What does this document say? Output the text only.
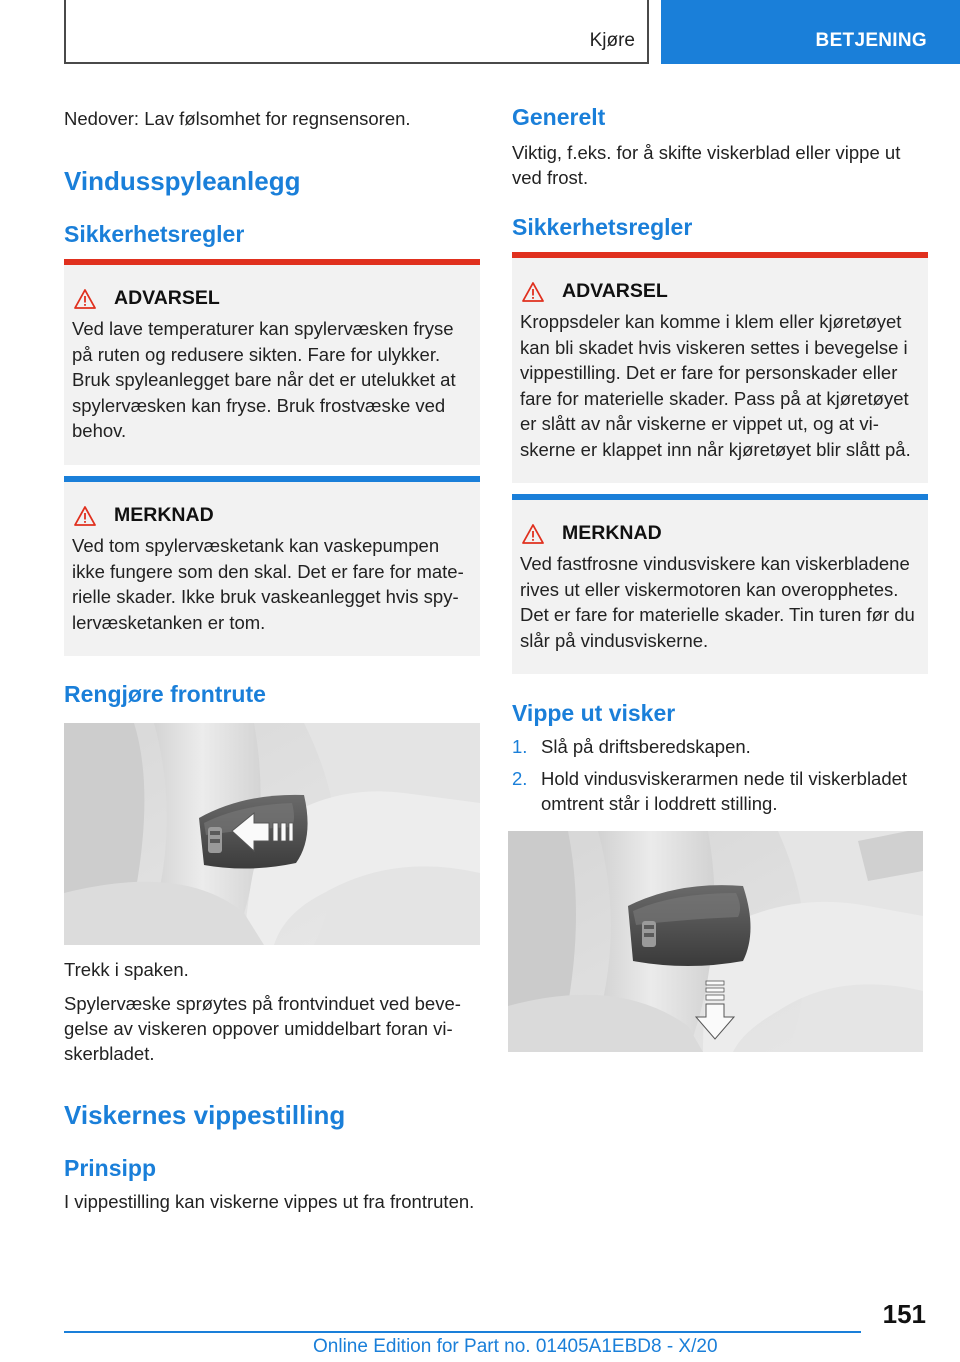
Kjøre	BETJENING

Nedover: Lav følsomhet for regnsensoren.

Vindusspyleanlegg
Sikkerhetsregler
ADVARSEL
Ved lave temperaturer kan spylervæsken fryse på ruten og redusere sikten. Fare for ulykker. Bruk spyleanlegget bare når det er utelukket at spylervæsken kan fryse. Bruk frostvæske ved behov.
MERKNAD
Ved tom spylervæsketank kan vaskepumpen ikke fungere som den skal. Det er fare for materielle skader. Ikke bruk vaskeanlegget hvis spylervæsketanken er tom.
Rengjøre frontrute

Trekk i spaken.

Spylervæske sprøytes på frontvinduet ved bevegelse av viskeren oppover umiddelbart foran viskerbladet.

Viskernes vippestilling
Prinsipp

I vippestilling kan viskerne vippes ut fra frontruten.

Generelt

Viktig, f.eks. for å skifte viskerblad eller vippe ut ved frost.

Sikkerhetsregler
ADVARSEL
Kroppsdeler kan komme i klem eller kjøretøyet kan bli skadet hvis viskeren settes i bevegelse i vippestilling. Det er fare for personskader eller fare for materielle skader. Pass på at kjøretøyet er slått av når viskerne er vippet ut, og at viskerne er klappet inn når kjøretøyet blir slått på.
MERKNAD
Ved fastfrosne vindusviskere kan viskerbladene rives ut eller viskermotoren kan overopphetes. Det er fare for materielle skader. Tin turen før du slår på vindusviskerne.
Vippe ut visker
1. Slå på driftsberedskapen.
2. Hold vindusviskerarmen nede til viskerbladet omtrent står i loddrett stilling.
151
Online Edition for Part no. 01405A1EBD8 - X/20
